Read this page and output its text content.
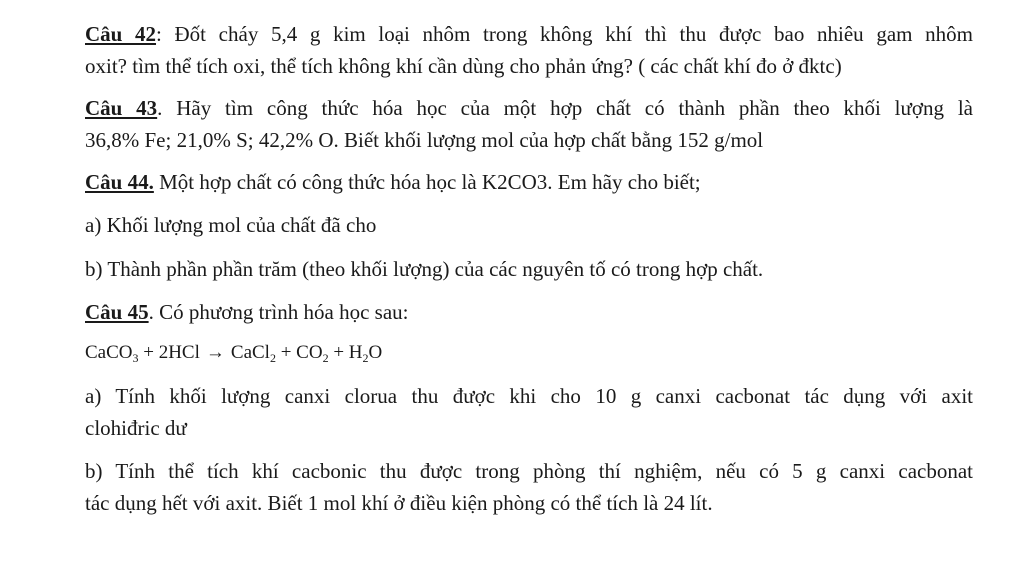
Câu 42: Đốt cháy 5,4 g kim loại nhôm trong không khí thì thu được bao nhiêu gam nhôm
oxit? tìm thể tích oxi, thể tích không khí cần dùng cho phản ứng? ( các chất khí đo ở đktc)
Câu 43. Hãy tìm công thức hóa học của một hợp chất có thành phần theo khối lượng là
36,8% Fe; 21,0% S; 42,2% O. Biết khối lượng mol của hợp chất bằng 152 g/mol
Câu 44. Một hợp chất có công thức hóa học là K2CO3. Em hãy cho biết;
a) Khối lượng mol của chất đã cho
b) Thành phần phần trăm (theo khối lượng) của các nguyên tố có trong hợp chất.
Câu 45. Có phương trình hóa học sau:
CaCO$_3$ + 2HCl → CaCl$_2$ + $CO_2 + H_2O$
a) Tính khối lượng canxi clorua thu được khi cho 10 g canxi cacbonat tác dụng với axit
clohiđric dư
b) Tính thể tích khí cacbonic thu được trong phòng thí nghiệm, nếu có 5 g canxi cacbonat
tác dụng hết với axit. Biết 1 mol khí ở điều kiện phòng có thể tích là 24 lít.
